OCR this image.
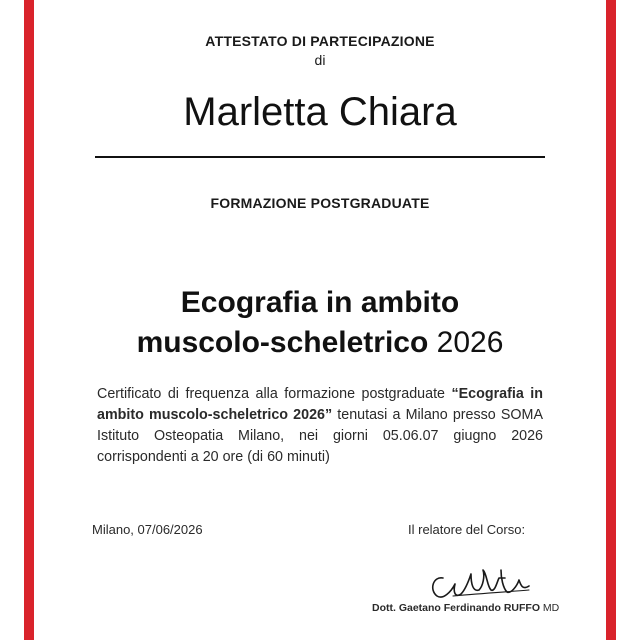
ATTESTATO DI PARTECIPAZIONE
di
Marletta Chiara
FORMAZIONE POSTGRADUATE
Ecografia in ambito
muscolo-scheletrico 2026
Certificato di frequenza alla formazione postgraduate “Ecografia in ambito muscolo-scheletrico 2026” tenutasi a Milano presso SOMA Istituto Osteopatia Milano, nei giorni 05.06.07 giugno 2026 corrispondenti a 20 ore (di 60 minuti)
Milano, 07/06/2026	Il relatore del Corso:
Dott. Gaetano Ferdinando RUFFO MD
